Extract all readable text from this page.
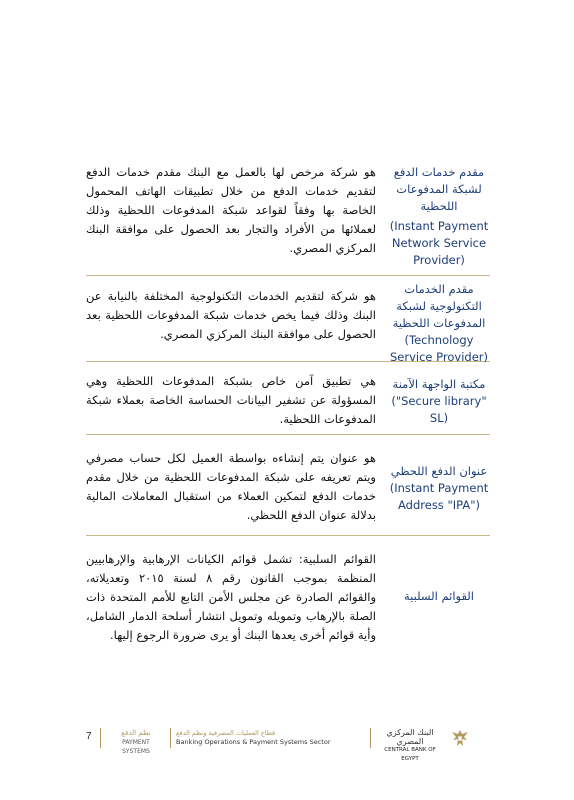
مقدم خدمات الدفع لشبكة المدفوعات اللحظية
(Instant Payment Network Service Provider)
هو شركة مرخص لها بالعمل مع البنك مقدم خدمات الدفع لتقديم خدمات الدفع من خلال تطبيقات الهاتف المحمول الخاصة بها وفقاً لقواعد شبكة المدفوعات اللحظية وذلك لعملائها من الأفراد والتجار بعد الحصول على موافقة البنك المركزي المصري.
مقدم الخدمات التكنولوجية لشبكة المدفوعات اللحظية
(Technology Service Provider)
هو شركة لتقديم الخدمات التكنولوجية المختلفة بالنيابة عن البنك وذلك فيما يخص خدمات شبكة المدفوعات اللحظية بعد الحصول على موافقة البنك المركزي المصري.
مكتبة الواجهة الآمنة
("Secure library" SL)
هي تطبيق آمن خاص بشبكة المدفوعات اللحظية وهي المسؤولة عن تشفير البيانات الحساسة الخاصة بعملاء شبكة المدفوعات اللحظية.
عنوان الدفع اللحظي
(Instant Payment Address "IPA")
هو عنوان يتم إنشاءه بواسطة العميل لكل حساب مصرفي ويتم تعريفه على شبكة المدفوعات اللحظية من خلال مقدم خدمات الدفع لتمكين العملاء من استقبال المعاملات المالية بدلالة عنوان الدفع اللحظي.
القوائم السلبية
القوائم السلبية: تشمل قوائم الكيانات الإرهابية والإرهابيين المنظمة بموجب القانون رقم ٨ لسنة ٢٠١٥ وتعديلاته، والقوائم الصادرة عن مجلس الأمن التابع للأمم المتحدة ذات الصلة بالإرهاب وتمويله وتمويل انتشار أسلحة الدمار الشامل، وأية قوائم أخرى يعدها البنك أو يرى ضرورة الرجوع إليها.
7	نظم الدفع
PAYMENT SYSTEMS
قطاع العمليات المصرفية ونظم الدفع
Banking Operations & Payment Systems Sector
البنك المركزي المصري
CENTRAL BANK OF EGYPT
